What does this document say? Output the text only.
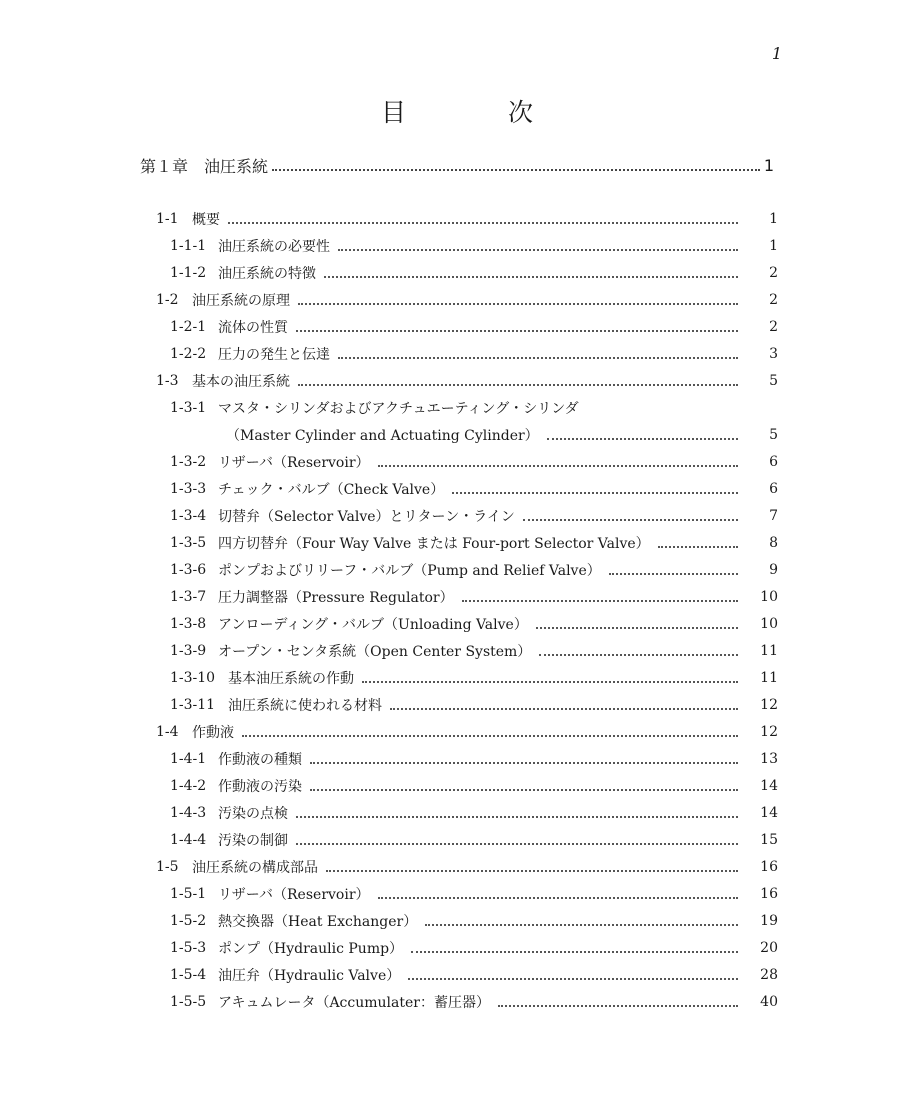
1
目	次
第１章　油圧系統	1
1-1 概要	1
1-1-1 油圧系統の必要性	1
1-1-2 油圧系統の特徴	2
1-2 油圧系統の原理	2
1-2-1 流体の性質	2
1-2-2 圧力の発生と伝達	3
1-3 基本の油圧系統	5
1-3-1 マスタ・シリンダおよびアクチュエーティング・シリンダ
（Master Cylinder and Actuating Cylinder）	5
1-3-2 リザーバ（Reservoir）	6
1-3-3 チェック・バルブ（Check Valve）	6
1-3-4 切替弁（Selector Valve）とリターン・ライン	7
1-3-5 四方切替弁（Four Way Valve または Four-port Selector Valve）	8
1-3-6 ポンプおよびリリーフ・バルブ（Pump and Relief Valve）	9
1-3-7 圧力調整器（Pressure Regulator）	10
1-3-8 アンローディング・バルブ（Unloading Valve）	10
1-3-9 オープン・センタ系統（Open Center System）	11
1-3-10 基本油圧系統の作動	11
1-3-11 油圧系統に使われる材料	12
1-4 作動液	12
1-4-1 作動液の種類	13
1-4-2 作動液の汚染	14
1-4-3 汚染の点検	14
1-4-4 汚染の制御	15
1-5 油圧系統の構成部品	16
1-5-1 リザーバ（Reservoir）	16
1-5-2 熱交換器（Heat Exchanger）	19
1-5-3 ポンプ（Hydraulic Pump）	20
1-5-4 油圧弁（Hydraulic Valve）	28
1-5-5 アキュムレータ（Accumulater：蓄圧器）	40
